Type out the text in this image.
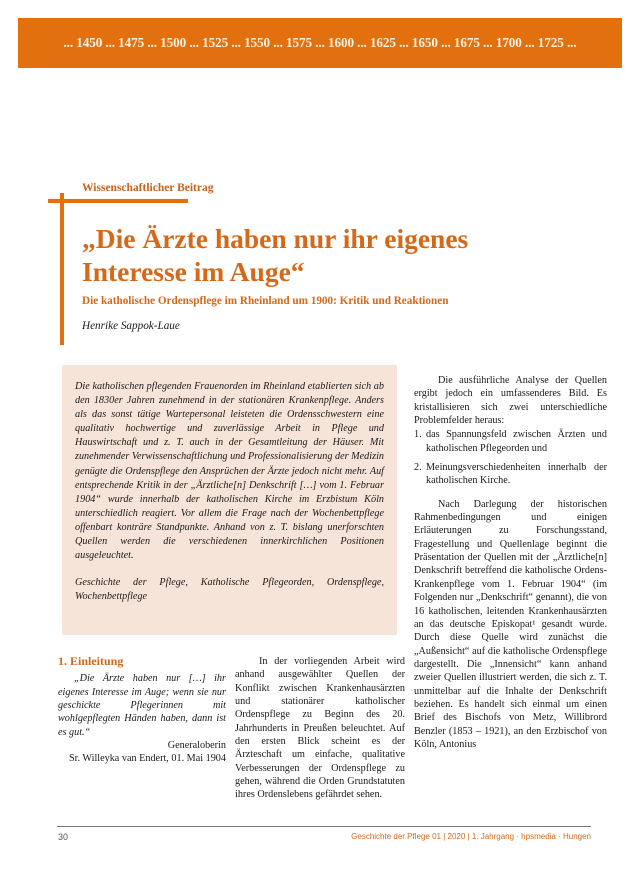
... 1450 ... 1475 ... 1500 ... 1525 ... 1550 ... 1575 ... 1600 ... 1625 ... 1650 ... 1675 ... 1700 ... 1725 ...
Wissenschaftlicher Beitrag
„Die Ärzte haben nur ihr eigenes
Interesse im Auge“
Die katholische Ordenspflege im Rheinland um 1900: Kritik und Reaktionen
Henrike Sappok-Laue

Die katholischen pflegenden Frauenorden im Rheinland etablierten sich ab den 1830er Jahren zunehmend in der stationären Krankenpflege. Anders als das sonst tätige Wartepersonal leisteten die Ordensschwestern eine qualitativ hochwertige und zuverlässige Arbeit in Pflege und Hauswirtschaft und z. T. auch in der Gesamtleitung der Häuser. Mit zunehmender Verwissenschaftlichung und Professionalisierung der Medizin genügte die Ordenspflege den Ansprüchen der Ärzte jedoch nicht mehr. Auf entsprechende Kritik in der „Ärztliche[n] Denkschrift […] vom 1. Februar 1904“ wurde innerhalb der katholischen Kirche im Erzbistum Köln unterschiedlich reagiert. Vor allem die Frage nach der Wochenbettpflege offenbart konträre Standpunkte. Anhand von z. T. bislang unerforschten Quellen werden die verschiedenen innerkirchlichen Positionen ausgeleuchtet.

Geschichte der Pflege, Katholische Pflegeorden, Ordenspflege, Wochenbettpflege

Die ausführliche Analyse der Quellen ergibt jedoch ein umfassenderes Bild. Es kristallisieren sich zwei unterschiedliche Problemfelder heraus:

1. das Spannungsfeld zwischen Ärzten und katholischen Pflegeorden und
2. Meinungsverschiedenheiten innerhalb der katholischen Kirche.

Nach Darlegung der historischen Rahmenbedingungen und einigen Erläuterungen zu Forschungsstand, Fragestellung und Quellenlage beginnt die Präsentation der Quellen mit der „Ärztliche[n] Denkschrift betreffend die katholische Ordens-Krankenpflege vom 1. Februar 1904“ (im Folgenden nur „Denkschrift“ genannt), die von 16 katholischen, leitenden Krankenhausärzten an das deutsche Episkopat¹ gesandt wurde. Durch diese Quelle wird zunächst die „Außensicht“ auf die katholische Ordenspflege dargestellt. Die „Innensicht“ kann anhand zweier Quellen illustriert werden, die sich z. T. unmittelbar auf die Inhalte der Denkschrift beziehen. Es handelt sich einmal um einen Brief des Bischofs von Metz, Willibrord Benzler (1853 – 1921), an den Erzbischof von Köln, Antonius

1. Einleitung

„Die Ärzte haben nur […] ihr eigenes Interesse im Auge; wenn sie nur geschickte Pflegerinnen mit wohlgepflegten Händen haben, dann ist es gut.“

Generaloberin

Sr. Willeyka van Endert, 01. Mai 1904

In der vorliegenden Arbeit wird anhand ausgewählter Quellen der Konflikt zwischen Krankenhausärzten und stationärer katholischer Ordenspflege zu Beginn des 20. Jahrhunderts in Preußen beleuchtet. Auf den ersten Blick scheint es der Ärzteschaft um einfache, qualitative Verbesserungen der Ordenspflege zu gehen, während die Orden Grundstatuten ihres Ordenslebens gefährdet sehen.

30	Geschichte der Pflege 01 | 2020 | 1. Jahrgang · hpsmedia · Hungen
